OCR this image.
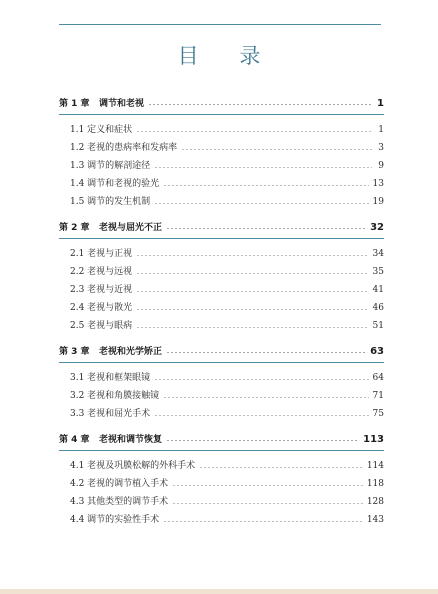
目 录
第 1 章	调节和老视	1
1.1 定义和症状	1
1.2 老视的患病率和发病率	3
1.3 调节的解剖途径	9
1.4 调节和老视的验光	13
1.5 调节的发生机制	19
第 2 章	老视与屈光不正	32
2.1 老视与正视	34
2.2 老视与远视	35
2.3 老视与近视	41
2.4 老视与散光	46
2.5 老视与眼病	51
第 3 章	老视和光学矫正	63
3.1 老视和框架眼镜	64
3.2 老视和角膜接触镜	71
3.3 老视和屈光手术	75
第 4 章	老视和调节恢复	113
4.1 老视及巩膜松解的外科手术	114
4.2 老视的调节植入手术	118
4.3 其他类型的调节手术	128
4.4 调节的实验性手术	143
